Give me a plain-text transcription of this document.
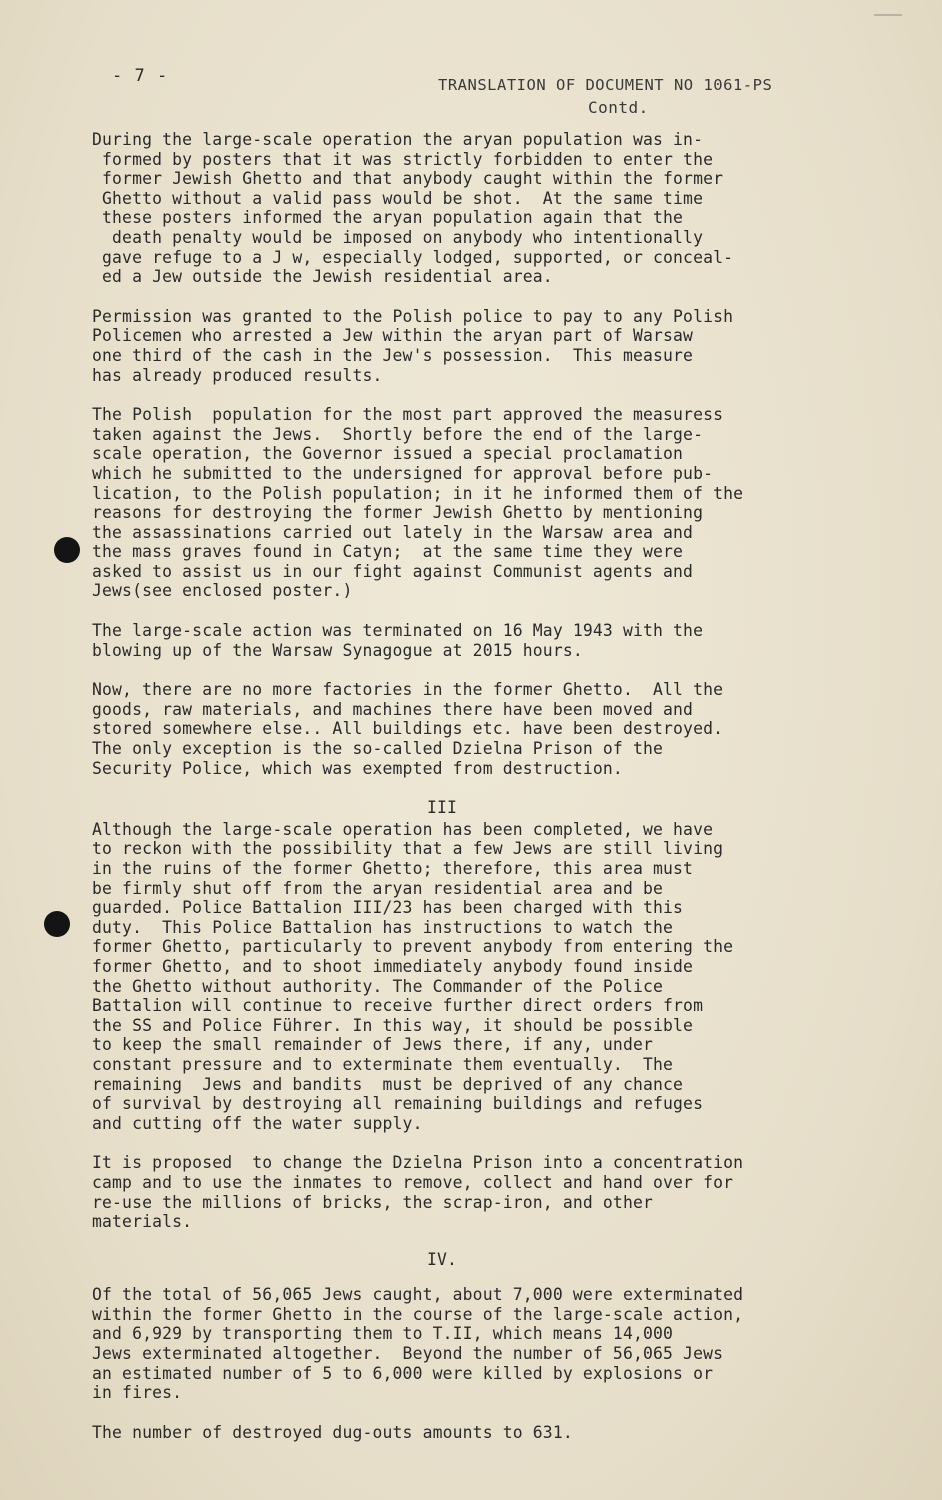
- 7 -	TRANSLATION OF DOCUMENT NO 1061-PS
Contd.
During the large-scale operation the aryan population was in-
formed by posters that it was strictly forbidden to enter the
former Jewish Ghetto and that anybody caught within the former
Ghetto without a valid pass would be shot.  At the same time
these posters informed the aryan population again that the
death penalty would be imposed on anybody who intentionally
gave refuge to a J w, especially lodged, supported, or conceal-
ed a Jew outside the Jewish residential area.
Permission was granted to the Polish police to pay to any Polish
Policemen who arrested a Jew within the aryan part of Warsaw
one third of the cash in the Jew's possession.  This measure
has already produced results.
The Polish  population for the most part approved the measuress
taken against the Jews.  Shortly before the end of the large-
scale operation, the Governor issued a special proclamation
which he submitted to the undersigned for approval before pub-
lication, to the Polish population; in it he informed them of the
reasons for destroying the former Jewish Ghetto by mentioning
the assassinations carried out lately in the Warsaw area and
the mass graves found in Catyn;  at the same time they were
asked to assist us in our fight against Communist agents and
Jews(see enclosed poster.)
The large-scale action was terminated on 16 May 1943 with the
blowing up of the Warsaw Synagogue at 2015 hours.
Now, there are no more factories in the former Ghetto.  All the
goods, raw materials, and machines there have been moved and
stored somewhere else.. All buildings etc. have been destroyed.
The only exception is the so-called Dzielna Prison of the
Security Police, which was exempted from destruction.
III
Although the large-scale operation has been completed, we have
to reckon with the possibility that a few Jews are still living
in the ruins of the former Ghetto; therefore, this area must
be firmly shut off from the aryan residential area and be
guarded. Police Battalion III/23 has been charged with this
duty.  This Police Battalion has instructions to watch the
former Ghetto, particularly to prevent anybody from entering the
former Ghetto, and to shoot immediately anybody found inside
the Ghetto without authority. The Commander of the Police
Battalion will continue to receive further direct orders from
the SS and Police Führer. In this way, it should be possible
to keep the small remainder of Jews there, if any, under
constant pressure and to exterminate them eventually.  The
remaining  Jews and bandits  must be deprived of any chance
of survival by destroying all remaining buildings and refuges
and cutting off the water supply.
It is proposed  to change the Dzielna Prison into a concentration
camp and to use the inmates to remove, collect and hand over for
re-use the millions of bricks, the scrap-iron, and other
materials.
IV.
Of the total of 56,065 Jews caught, about 7,000 were exterminated
within the former Ghetto in the course of the large-scale action,
and 6,929 by transporting them to T.II, which means 14,000
Jews exterminated altogether.  Beyond the number of 56,065 Jews
an estimated number of 5 to 6,000 were killed by explosions or
in fires.
The number of destroyed dug-outs amounts to 631.
